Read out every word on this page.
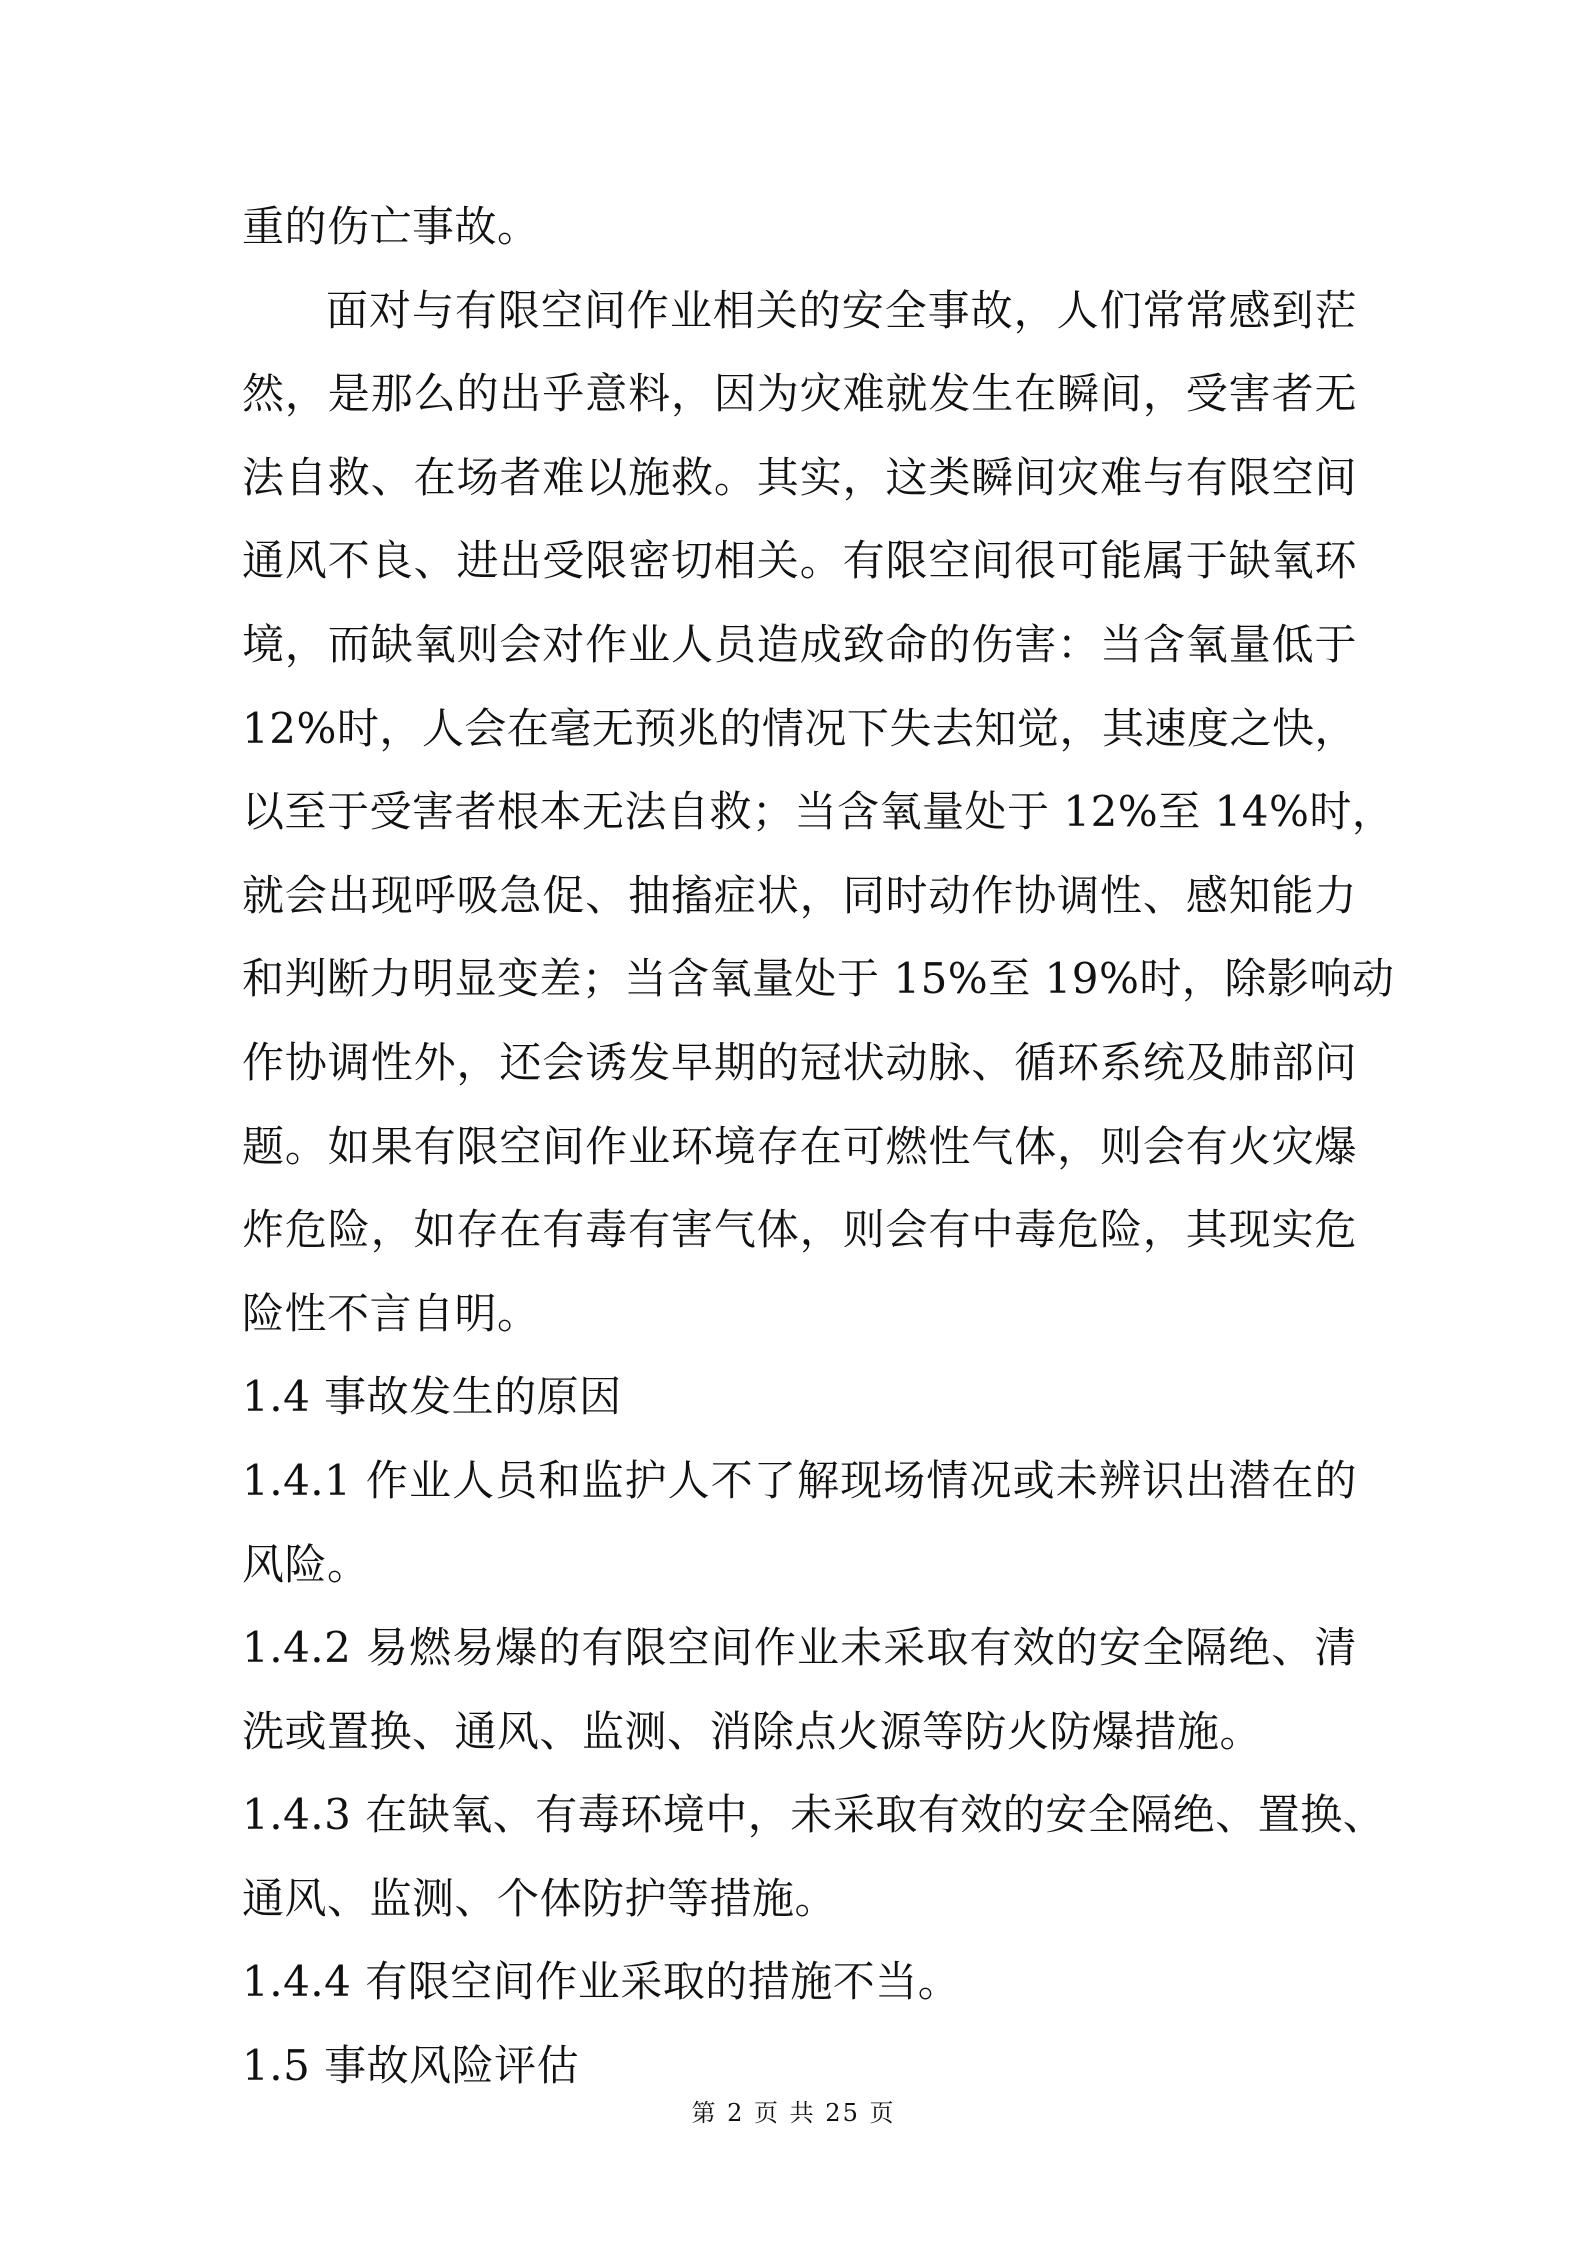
重的伤亡事故。
面对与有限空间作业相关的安全事故，人们常常感到茫
然，是那么的出乎意料，因为灾难就发生在瞬间，受害者无
法自救、在场者难以施救。其实，这类瞬间灾难与有限空间
通风不良、进出受限密切相关。有限空间很可能属于缺氧环
境，而缺氧则会对作业人员造成致命的伤害：当含氧量低于
12%时，人会在毫无预兆的情况下失去知觉，其速度之快，
以至于受害者根本无法自救；当含氧量处于 12%至 14%时，
就会出现呼吸急促、抽搐症状，同时动作协调性、感知能力
和判断力明显变差；当含氧量处于 15%至 19%时，除影响动
作协调性外，还会诱发早期的冠状动脉、循环系统及肺部问
题。如果有限空间作业环境存在可燃性气体，则会有火灾爆
炸危险，如存在有毒有害气体，则会有中毒危险，其现实危
险性不言自明。
1.4 事故发生的原因
1.4.1 作业人员和监护人不了解现场情况或未辨识出潜在的
风险。
1.4.2 易燃易爆的有限空间作业未采取有效的安全隔绝、清
洗或置换、通风、监测、消除点火源等防火防爆措施。
1.4.3 在缺氧、有毒环境中，未采取有效的安全隔绝、置换、
通风、监测、个体防护等措施。
1.4.4 有限空间作业采取的措施不当。
1.5 事故风险评估
第 2 页 共 25 页
